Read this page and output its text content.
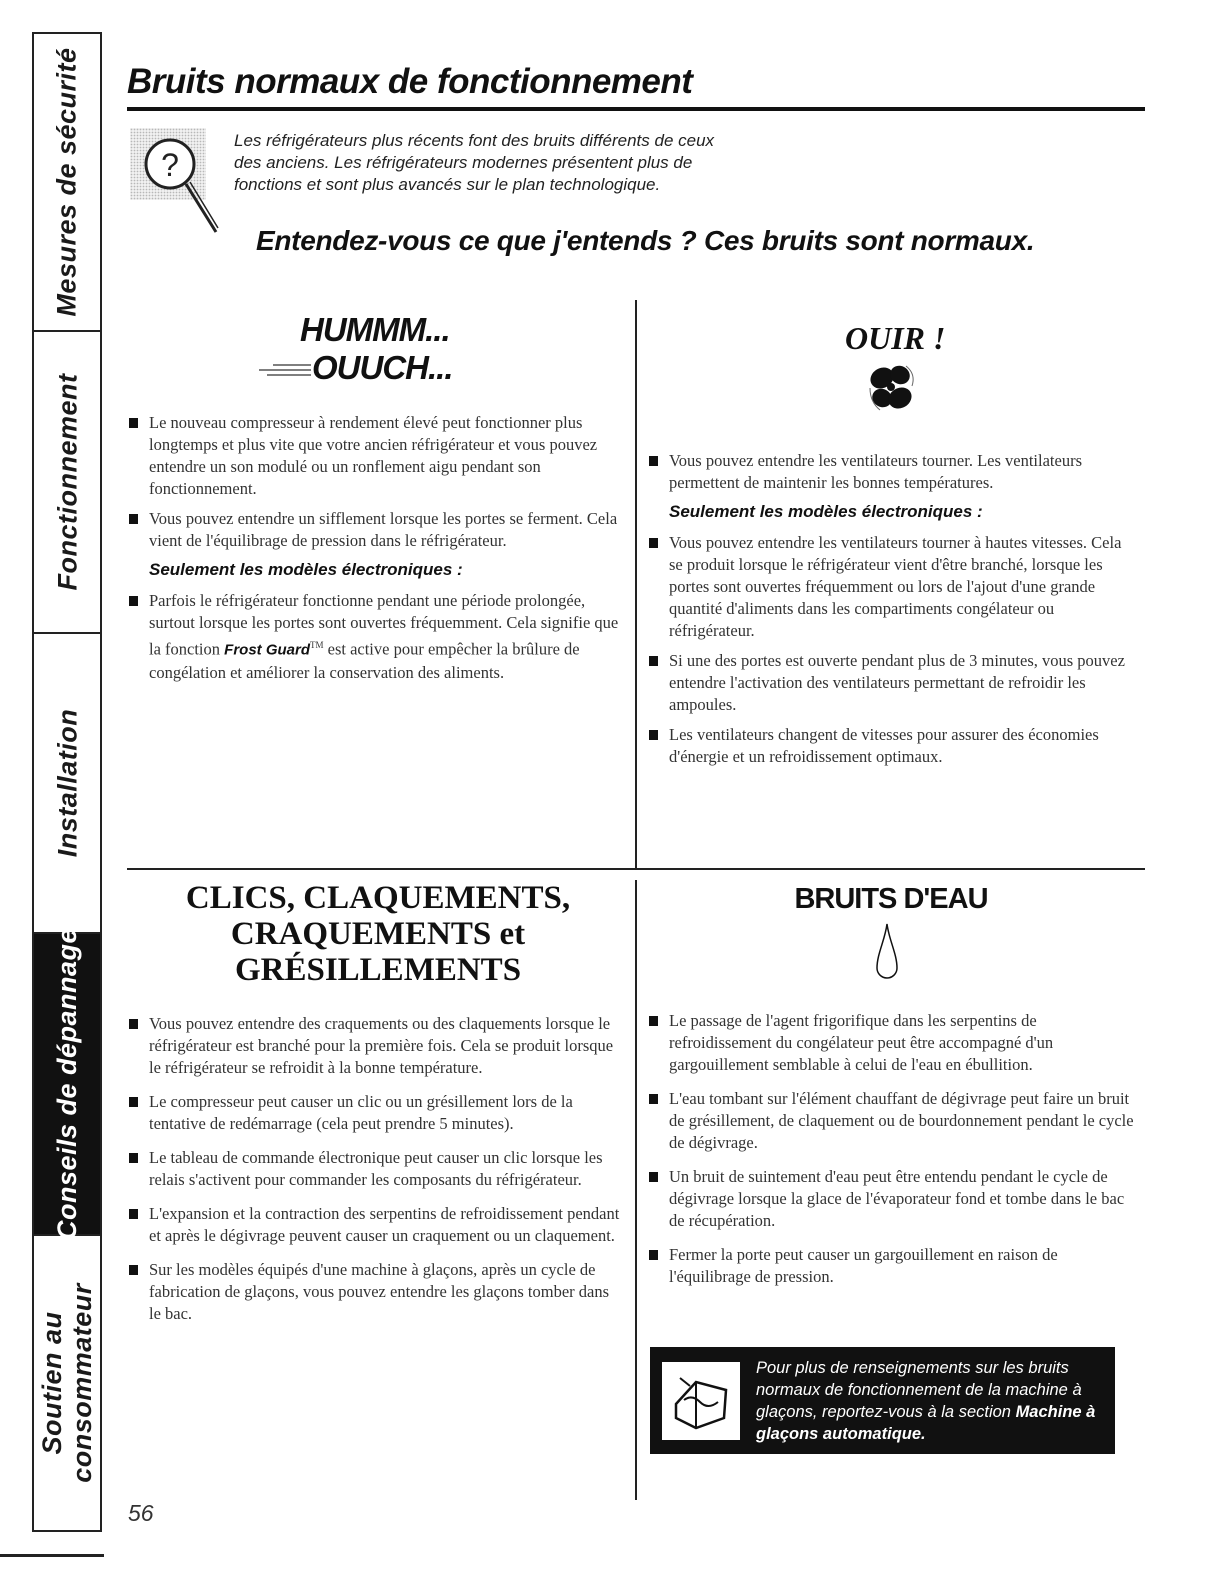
Mesures de sécurité
Fonctionnement
Installation
Conseils de dépannage
Soutien au
consommateur
Bruits normaux de fonctionnement
?

Les réfrigérateurs plus récents font des bruits différents de ceux
des anciens. Les réfrigérateurs modernes présentent plus de
fonctions et sont plus avancés sur le plan technologique.

Entendez-vous ce que j'entends ? Ces bruits sont normaux.
HUMMM...
OUUCH...
Le nouveau compresseur à rendement élevé peut fonctionner plus longtemps et plus vite que votre ancien réfrigérateur et vous pouvez entendre un son modulé ou un ronflement aigu pendant son fonctionnement.
Vous pouvez entendre un sifflement lorsque les portes se ferment. Cela vient de l'équilibrage de pression dans le réfrigérateur.
Seulement les modèles électroniques :
Parfois le réfrigérateur fonctionne pendant une période prolongée, surtout lorsque les portes sont ouvertes fréquemment. Cela signifie que la fonction Frost Guard™ est active pour empêcher la brûlure de congélation et améliorer la conservation des aliments.
OUIR !
Vous pouvez entendre les ventilateurs tourner. Les ventilateurs permettent de maintenir les bonnes températures.
Seulement les modèles électroniques :
Vous pouvez entendre les ventilateurs tourner à hautes vitesses. Cela se produit lorsque le réfrigérateur vient d'être branché, lorsque les portes sont ouvertes fréquemment ou lors de l'ajout d'une grande quantité d'aliments dans les compartiments congélateur ou réfrigérateur.
Si une des portes est ouverte pendant plus de 3 minutes, vous pouvez entendre l'activation des ventilateurs permettant de refroidir les ampoules.
Les ventilateurs changent de vitesses pour assurer des économies d'énergie et un refroidissement optimaux.
CLICS, CLAQUEMENTS,
CRAQUEMENTS et
GRÉSILLEMENTS
Vous pouvez entendre des craquements ou des claquements lorsque le réfrigérateur est branché pour la première fois. Cela se produit lorsque le réfrigérateur se refroidit à la bonne température.
Le compresseur peut causer un clic ou un grésillement lors de la tentative de redémarrage (cela peut prendre 5 minutes).
Le tableau de commande électronique peut causer un clic lorsque les relais s'activent pour commander les composants du réfrigérateur.
L'expansion et la contraction des serpentins de refroidissement pendant et après le dégivrage peuvent causer un craquement ou un claquement.
Sur les modèles équipés d'une machine à glaçons, après un cycle de fabrication de glaçons, vous pouvez entendre les glaçons tomber dans le bac.
BRUITS D'EAU
Le passage de l'agent frigorifique dans les serpentins de refroidissement du congélateur peut être accompagné d'un gargouillement semblable à celui de l'eau en ébullition.
L'eau tombant sur l'élément chauffant de dégivrage peut faire un bruit de grésillement, de claquement ou de bourdonnement pendant le cycle de dégivrage.
Un bruit de suintement d'eau peut être entendu pendant le cycle de dégivrage lorsque la glace de l'évaporateur fond et tombe dans le bac de récupération.
Fermer la porte peut causer un gargouillement en raison de l'équilibrage de pression.
Pour plus de renseignements sur les bruits normaux de fonctionnement de la machine à glaçons, reportez-vous à la section Machine à glaçons automatique.

56
